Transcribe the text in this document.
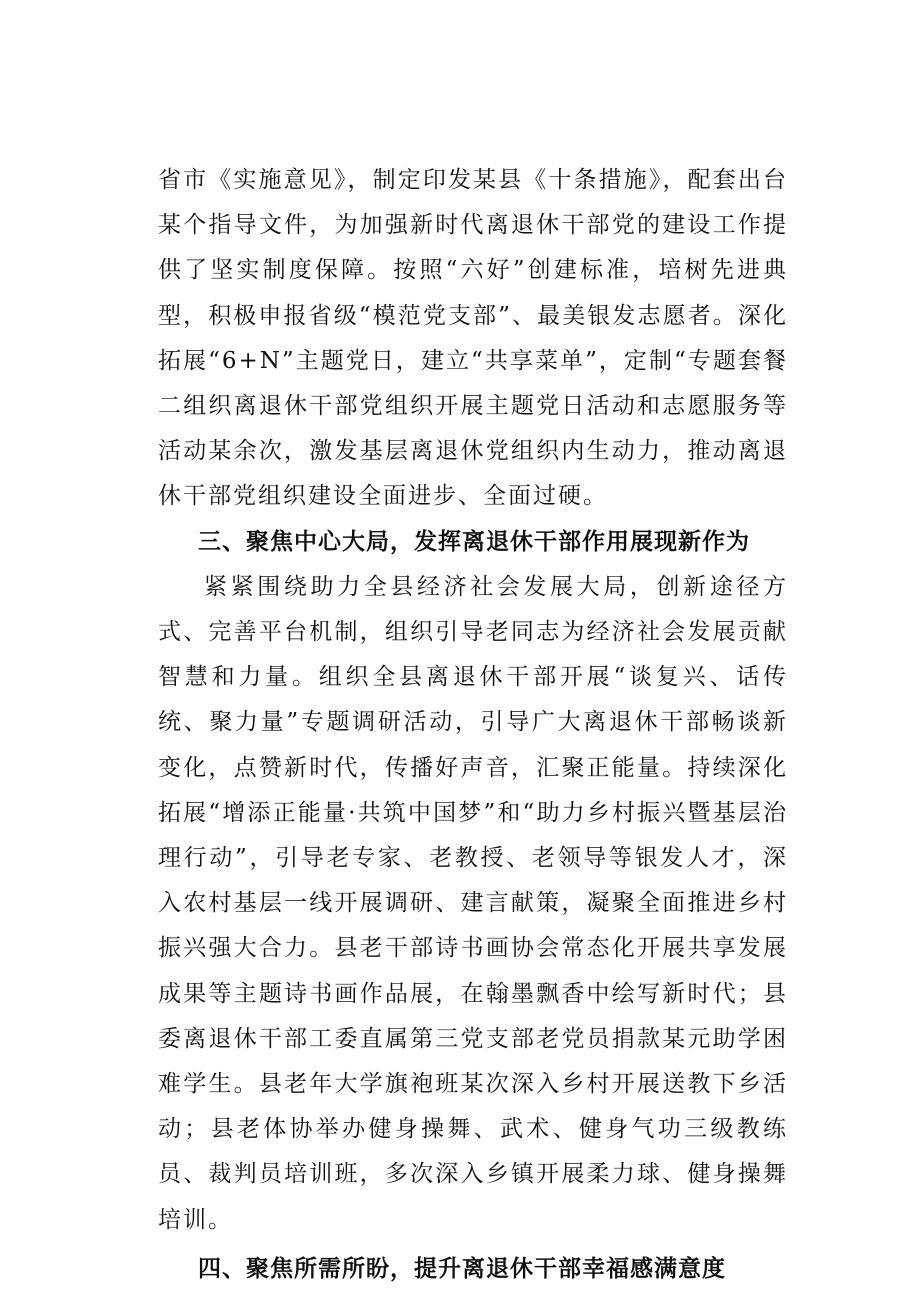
省市《实施意见》，制定印发某县《十条措施》，配套出台某个指导文件，为加强新时代离退休干部党的建设工作提供了坚实制度保障。按照“六好”创建标准，培树先进典型，积极申报省级“模范党支部”、最美银发志愿者。深化拓展“6+N”主题党日，建立“共享菜单”，定制“专题套餐二组织离退休干部党组织开展主题党日活动和志愿服务等活动某余次，激发基层离退休党组织内生动力，推动离退休干部党组织建设全面进步、全面过硬。

三、聚焦中心大局，发挥离退休干部作用展现新作为

紧紧围绕助力全县经济社会发展大局，创新途径方式、完善平台机制，组织引导老同志为经济社会发展贡献智慧和力量。组织全县离退休干部开展“谈复兴、话传统、聚力量”专题调研活动，引导广大离退休干部畅谈新变化，点赞新时代，传播好声音，汇聚正能量。持续深化拓展“增添正能量·共筑中国梦”和“助力乡村振兴暨基层治理行动”，引导老专家、老教授、老领导等银发人才，深入农村基层一线开展调研、建言献策，凝聚全面推进乡村振兴强大合力。县老干部诗书画协会常态化开展共享发展成果等主题诗书画作品展，在翰墨飘香中绘写新时代；县委离退休干部工委直属第三党支部老党员捐款某元助学困难学生。县老年大学旗袍班某次深入乡村开展送教下乡活动；县老体协举办健身操舞、武术、健身气功三级教练员、裁判员培训班，多次深入乡镇开展柔力球、健身操舞培训。

四、聚焦所需所盼，提升离退休干部幸福感满意度
